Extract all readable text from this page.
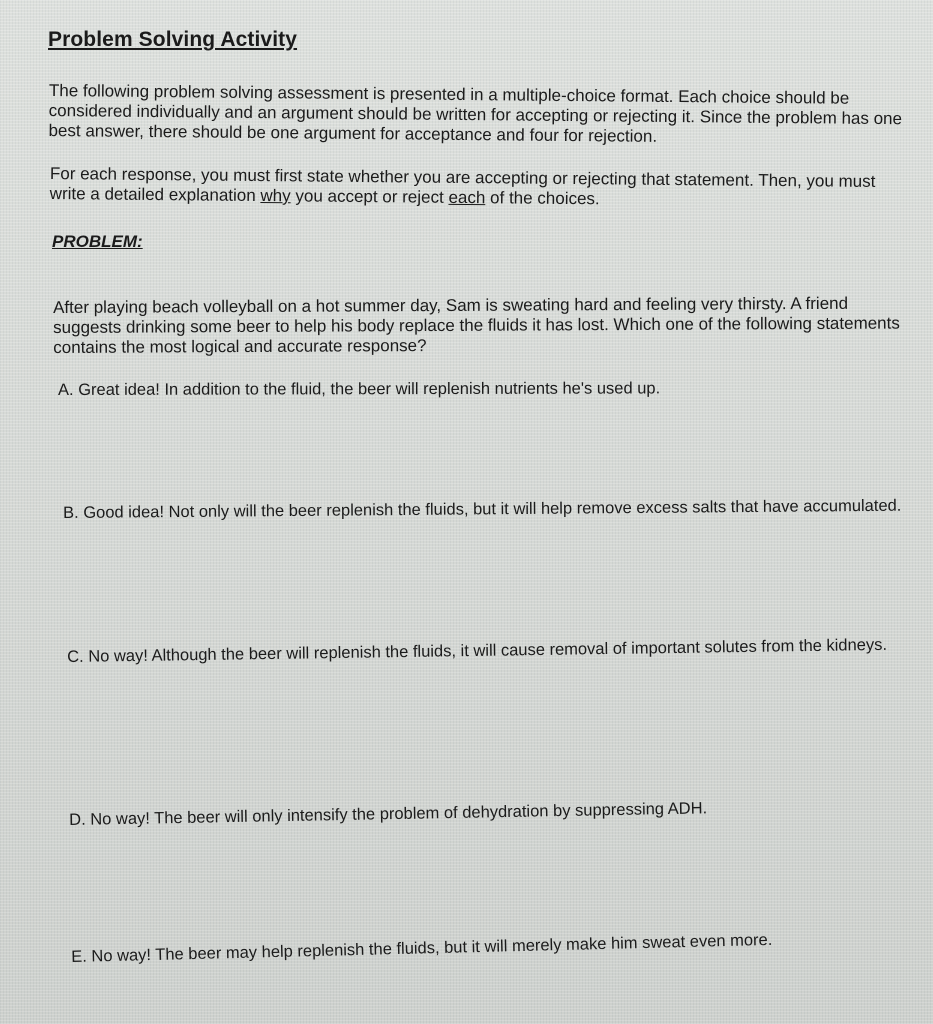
Problem Solving Activity

The following problem solving assessment is presented in a multiple-choice format. Each choice should be considered individually and an argument should be written for accepting or rejecting it. Since the problem has one best answer, there should be one argument for acceptance and four for rejection.

For each response, you must first state whether you are accepting or rejecting that statement. Then, you must write a detailed explanation why you accept or reject each of the choices.

PROBLEM:

After playing beach volleyball on a hot summer day, Sam is sweating hard and feeling very thirsty. A friend suggests drinking some beer to help his body replace the fluids it has lost. Which one of the following statements contains the most logical and accurate response?

A. Great idea! In addition to the fluid, the beer will replenish nutrients he's used up.

B. Good idea! Not only will the beer replenish the fluids, but it will help remove excess salts that have accumulated.

C. No way! Although the beer will replenish the fluids, it will cause removal of important solutes from the kidneys.

D. No way! The beer will only intensify the problem of dehydration by suppressing ADH.

E. No way! The beer may help replenish the fluids, but it will merely make him sweat even more.
